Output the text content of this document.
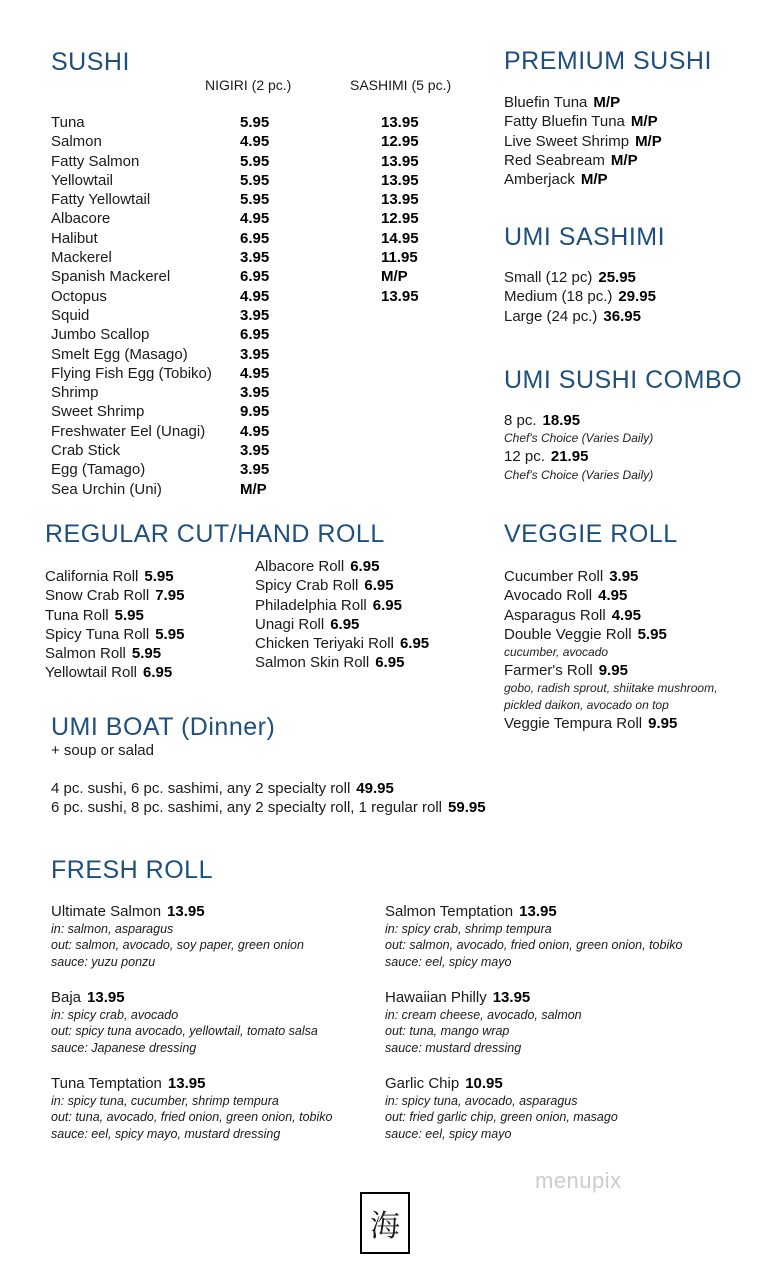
SUSHI
NIGIRI (2 pc.)	SASHIMI (5 pc.)
Tuna	5.95	13.95
Salmon	4.95	12.95
Fatty Salmon	5.95	13.95
Yellowtail	5.95	13.95
Fatty Yellowtail	5.95	13.95
Albacore	4.95	12.95
Halibut	6.95	14.95
Mackerel	3.95	11.95
Spanish Mackerel	6.95	M/P
Octopus	4.95	13.95
Squid	3.95
Jumbo Scallop	6.95
Smelt Egg (Masago)	3.95
Flying Fish Egg (Tobiko) 4.95
Shrimp	3.95
Sweet Shrimp	9.95
Freshwater Eel (Unagi) 4.95
Crab Stick	3.95
Egg (Tamago)	3.95
Sea Urchin (Uni)	M/P
PREMIUM SUSHI
Bluefin Tuna M/P
Fatty Bluefin Tuna M/P
Live Sweet Shrimp M/P
Red Seabream M/P
Amberjack M/P
UMI SASHIMI
Small (12 pc) 25.95
Medium (18 pc.) 29.95
Large (24 pc.) 36.95
UMI SUSHI COMBO
8 pc. 18.95
Chef's Choice (Varies Daily)
12 pc. 21.95
Chef's Choice (Varies Daily)
REGULAR CUT/HAND ROLL
California Roll 5.95
Snow Crab Roll 7.95
Tuna Roll 5.95
Spicy Tuna Roll 5.95
Salmon Roll 5.95
Yellowtail Roll 6.95
Albacore Roll 6.95
Spicy Crab Roll 6.95
Philadelphia Roll 6.95
Unagi Roll 6.95
Chicken Teriyaki Roll 6.95
Salmon Skin Roll 6.95
VEGGIE ROLL
Cucumber Roll 3.95
Avocado Roll 4.95
Asparagus Roll 4.95
Double Veggie Roll 5.95
cucumber, avocado
Farmer's Roll 9.95
gobo, radish sprout, shiitake mushroom,
pickled daikon, avocado on top
Veggie Tempura Roll 9.95
UMI BOAT (Dinner)
+ soup or salad
4 pc. sushi, 6 pc. sashimi, any 2 specialty roll 49.95
6 pc. sushi, 8 pc. sashimi, any 2 specialty roll, 1 regular roll 59.95
FRESH ROLL
Ultimate Salmon 13.95
in: salmon, asparagus
out: salmon, avocado, soy paper, green onion
sauce: yuzu ponzu
Salmon Temptation 13.95
in: spicy crab, shrimp tempura
out: salmon, avocado, fried onion, green onion, tobiko
sauce: eel, spicy mayo
Baja 13.95
in: spicy crab, avocado
out: spicy tuna avocado, yellowtail, tomato salsa
sauce: Japanese dressing
Hawaiian Philly 13.95
in: cream cheese, avocado, salmon
out: tuna, mango wrap
sauce: mustard dressing
Tuna Temptation 13.95
in: spicy tuna, cucumber, shrimp tempura
out: tuna, avocado, fried onion, green onion, tobiko
sauce: eel, spicy mayo, mustard dressing
Garlic Chip 10.95
in: spicy tuna, avocado, asparagus
out: fried garlic chip, green onion, masago
sauce: eel, spicy mayo
海
menupix
